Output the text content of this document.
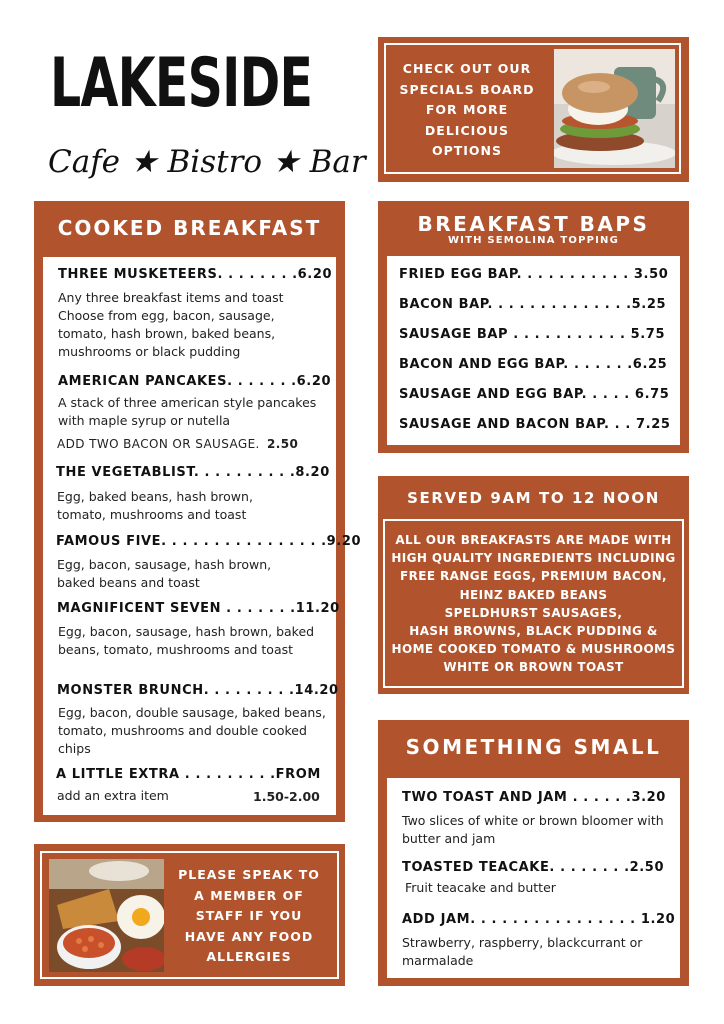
LAKESIDE
Cafe ★ Bistro ★ Bar
CHECK OUT OUR
SPECIALS BOARD
FOR MORE
DELICIOUS
OPTIONS
COOKED BREAKFAST
THREE MUSKETEERS. . . . . . . .6.20
Any three breakfast items and toast Choose from egg, bacon, sausage, tomato, hash brown, baked beans, mushrooms or black pudding
AMERICAN PANCAKES. . . . . . .6.20
A stack of three american style pancakes with maple syrup or nutella
ADD TWO BACON OR SAUSAGE. 2.50
THE VEGETABLIST. . . . . . . . . .8.20
Egg, baked beans, hash brown, tomato, mushrooms and toast
FAMOUS FIVE. . . . . . . . . . . . . . . .9.20
Egg, bacon, sausage, hash brown, baked beans and toast
MAGNIFICENT SEVEN . . . . . . .11.20
Egg, bacon, sausage, hash brown, baked beans, tomato, mushrooms and toast
MONSTER BRUNCH. . . . . . . . .14.20
Egg, bacon, double sausage, baked beans, tomato, mushrooms and double cooked chips
A LITTLE EXTRA . . . . . . . . .FROM
add an extra item	1.50-2.00
PLEASE SPEAK TO
A MEMBER OF
STAFF IF YOU
HAVE ANY FOOD
ALLERGIES
BREAKFAST BAPS
WITH SEMOLINA TOPPING
FRIED EGG BAP. . . . . . . . . . . 3.50
BACON BAP. . . . . . . . . . . . . .5.25
SAUSAGE BAP . . . . . . . . . . . 5.75
BACON AND EGG BAP. . . . . . .6.25
SAUSAGE AND EGG BAP. . . . . 6.75
SAUSAGE AND BACON BAP. . . 7.25
SERVED 9AM TO 12 NOON
ALL OUR BREAKFASTS ARE MADE WITH
HIGH QUALITY INGREDIENTS INCLUDING
FREE RANGE EGGS, PREMIUM BACON,
HEINZ BAKED BEANS
SPELDHURST SAUSAGES,
HASH BROWNS, BLACK PUDDING &
HOME COOKED TOMATO & MUSHROOMS
WHITE OR BROWN TOAST
SOMETHING SMALL
TWO TOAST AND JAM . . . . . .3.20
Two slices of white or brown bloomer with butter and jam
TOASTED TEACAKE. . . . . . . .2.50
Fruit teacake and butter
ADD JAM. . . . . . . . . . . . . . . . 1.20
Strawberry, raspberry, blackcurrant or marmalade
